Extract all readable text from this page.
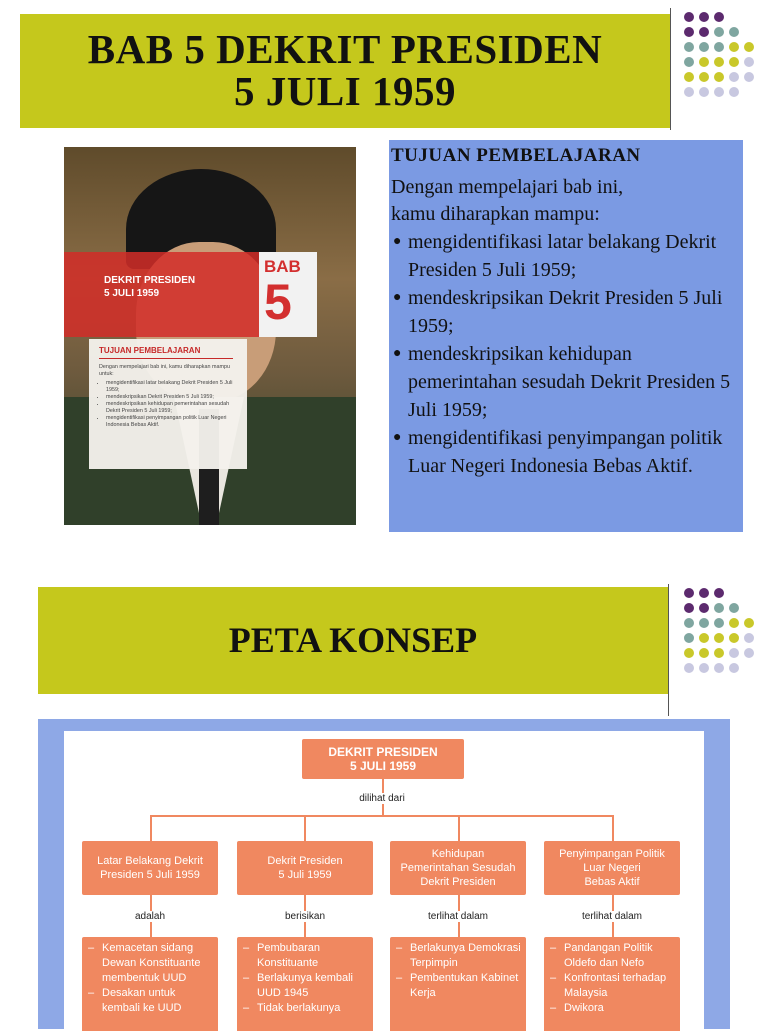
BAB 5 DEKRIT PRESIDEN
5 JULI 1959
DEKRIT PRESIDEN
5 JULI 1959
BAB
5
TUJUAN PEMBELAJARAN
Dengan mempelajari bab ini, kamu diharapkan mampu untuk:
• mengidentifikasi latar belakang Dekrit Presiden 5 Juli 1959;
• mendeskripsikan Dekrit Presiden 5 Juli 1959;
• mendeskripsikan kehidupan pemerintahan sesudah Dekrit Presiden 5 Juli 1959;
• mengidentifikasi penyimpangan politik Luar Negeri Indonesia Bebas Aktif.
TUJUAN PEMBELAJARAN
Dengan mempelajari bab ini,
kamu diharapkan mampu:
● mengidentifikasi latar belakang Dekrit Presiden 5 Juli 1959;
● mendeskripsikan Dekrit Presiden 5 Juli 1959;
● mendeskripsikan kehidupan pemerintahan sesudah Dekrit Presiden 5 Juli 1959;
● mengidentifikasi penyimpangan politik Luar Negeri Indonesia Bebas Aktif.
PETA KONSEP
DEKRIT PRESIDEN
5 JULI 1959
dilihat dari
Latar Belakang Dekrit
Presiden 5 Juli 1959
adalah
– Kemacetan sidang Dewan Konstituante membentuk UUD
– Desakan untuk kembali ke UUD
Dekrit Presiden
5 Juli 1959
berisikan
– Pembubaran Konstituante
– Berlakunya kembali UUD 1945
– Tidak berlakunya
Kehidupan
Pemerintahan Sesudah
Dekrit Presiden
terlihat dalam
– Berlakunya Demokrasi Terpimpin
– Pembentukan Kabinet Kerja
Penyimpangan Politik
Luar Negeri
Bebas Aktif
terlihat dalam
– Pandangan Politik Oldefo dan Nefo
– Konfrontasi terhadap Malaysia
– Dwikora
